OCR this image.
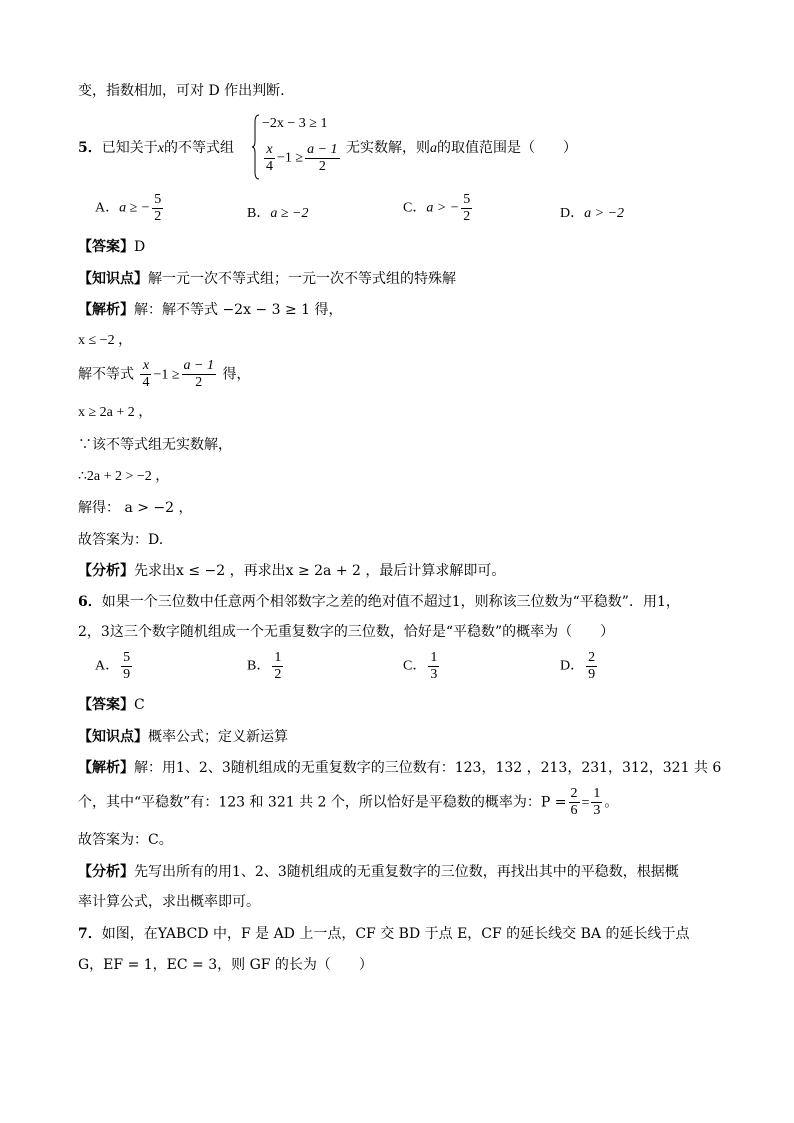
变，指数相加，可对 D 作出判断.
5．已知关于x的不等式组
−2x − 3 ≥ 1
$\frac{x}{4} -1 \ge \frac{a - 1}{2}$ 无实数解，则a的取值范围是（　　）
A．a ≥ − $\frac{5}{2}$	B．a ≥ −2	C．a > − $\frac{5}{2}$	D．a > −2
【答案】D
【知识点】解一元一次不等式组；一元一次不等式组的特殊解
【解析】解：解不等式 −2x − 3 ≥ 1 得，
x ≤ −2 ，
解不等式 $\frac{x}{4} -1 \ge \frac{a - 1}{2}$ 得，
x ≥ 2a + 2 ，
∵该不等式组无实数解，
∴2a + 2 > −2 ，
解得： a > −2 ，
故答案为：D.
【分析】先求出x ≤ −2 ，再求出x ≥ 2a + 2 ，最后计算求解即可。
6．如果一个三位数中任意两个相邻数字之差的绝对值不超过1，则称该三位数为“平稳数”．用1，
2，3这三个数字随机组成一个无重复数字的三位数，恰好是“平稳数”的概率为（　　）
A． $\frac{5}{9}$	B． $\frac{1}{2}$	C． $\frac{1}{3}$	D． $\frac{2}{9}$
【答案】C
【知识点】概率公式；定义新运算
【解析】解：用1、2、3随机组成的无重复数字的三位数有：123，132 ，213，231，312，321 共 6
个，其中“平稳数”有：123 和 321 共 2 个，所以恰好是平稳数的概率为：$P = \frac{2}{6} = \frac{1}{3}$ 。
故答案为：C。
【分析】先写出所有的用1、2、3随机组成的无重复数字的三位数，再找出其中的平稳数，根据概
率计算公式，求出概率即可。
7．如图，在YABCD 中，F 是 AD 上一点，CF 交 BD 于点 E，CF 的延长线交 BA 的延长线于点
G，EF = 1，EC = 3，则 GF 的长为（　　）
